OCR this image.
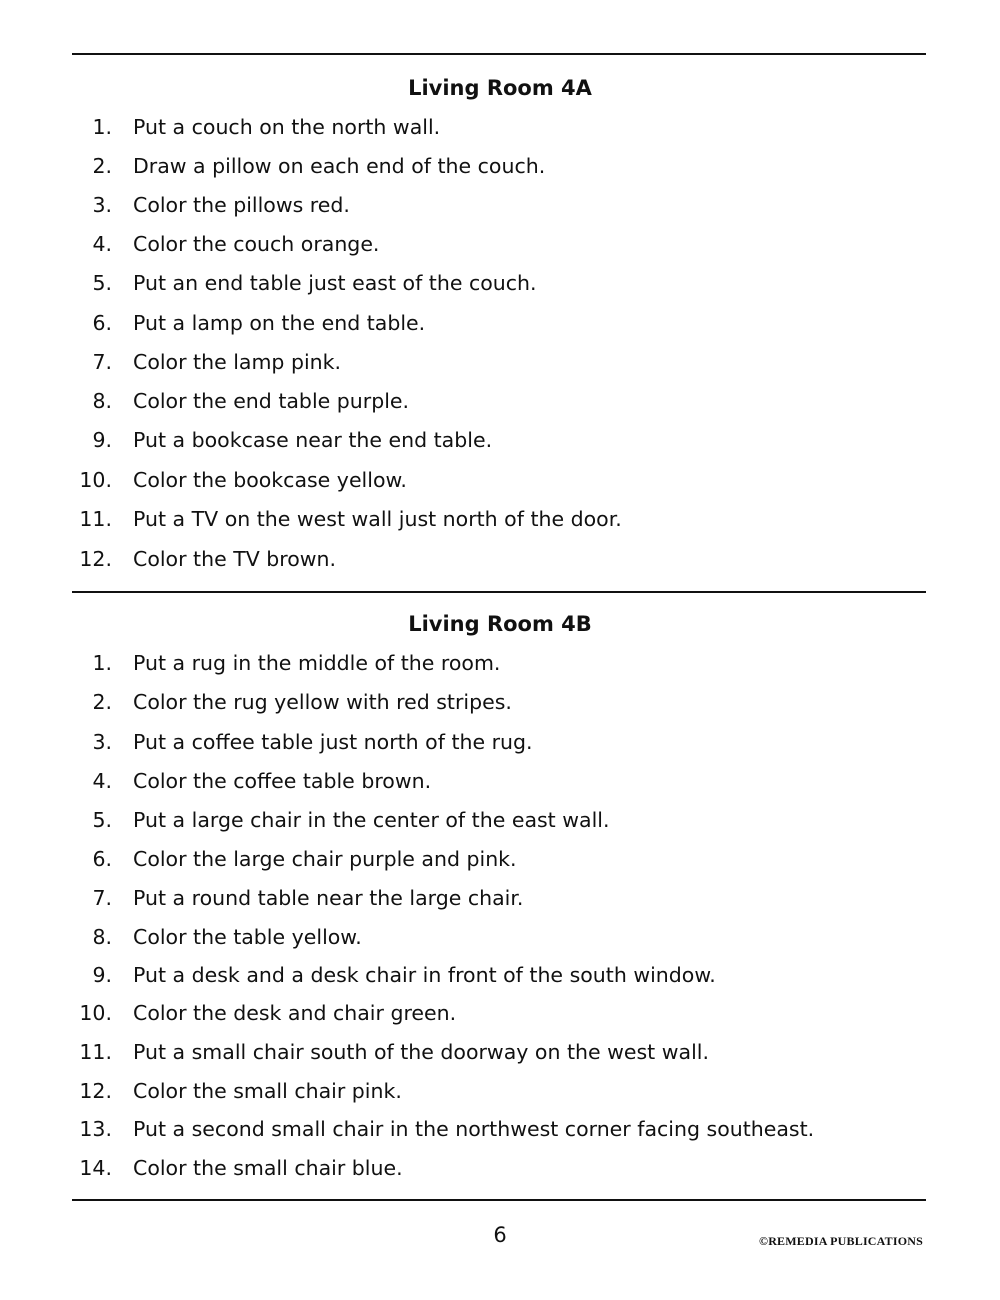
Living Room 4A
1. Put a couch on the north wall.
2. Draw a pillow on each end of the couch.
3. Color the pillows red.
4. Color the couch orange.
5. Put an end table just east of the couch.
6. Put a lamp on the end table.
7. Color the lamp pink.
8. Color the end table purple.
9. Put a bookcase near the end table.
10. Color the bookcase yellow.
11. Put a TV on the west wall just north of the door.
12. Color the TV brown.
Living Room 4B
1. Put a rug in the middle of the room.
2. Color the rug yellow with red stripes.
3. Put a coffee table just north of the rug.
4. Color the coffee table brown.
5. Put a large chair in the center of the east wall.
6. Color the large chair purple and pink.
7. Put a round table near the large chair.
8. Color the table yellow.
9. Put a desk and a desk chair in front of the south window.
10. Color the desk and chair green.
11. Put a small chair south of the doorway on the west wall.
12. Color the small chair pink.
13. Put a second small chair in the northwest corner facing southeast.
14. Color the small chair blue.
6	©REMEDIA PUBLICATIONS
